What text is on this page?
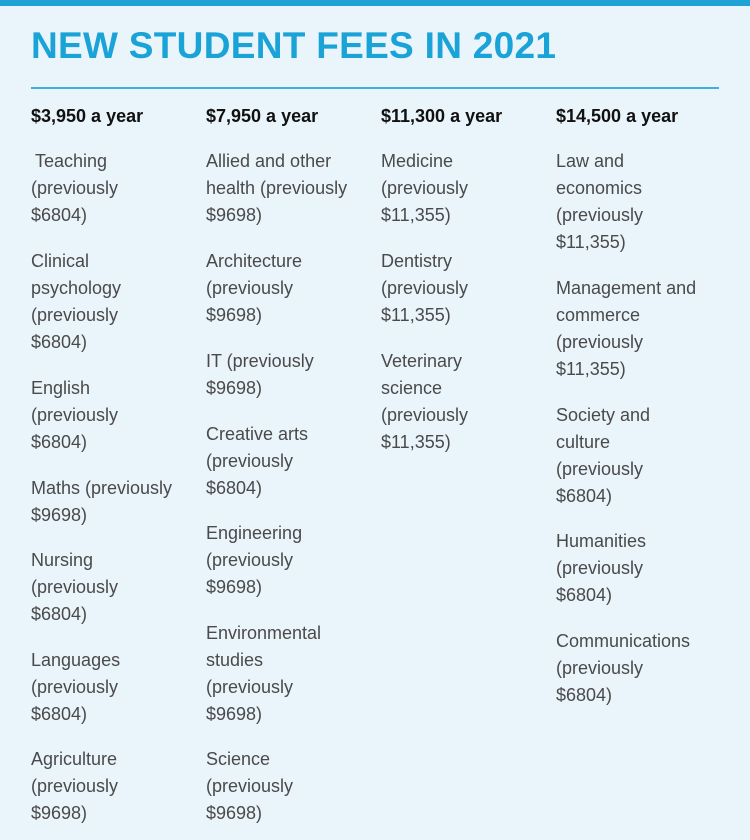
NEW STUDENT FEES IN 2021
$3,950 a year
Teaching
(previously
$6804)
Clinical
psychology
(previously
$6804)
English
(previously
$6804)
Maths (previously
$9698)
Nursing
(previously
$6804)
Languages
(previously
$6804)
Agriculture
(previously
$9698)
$7,950 a year
Allied and other
health (previously
$9698)
Architecture
(previously
$9698)
IT (previously
$9698)
Creative arts
(previously
$6804)
Engineering
(previously
$9698)
Environmental
studies
(previously
$9698)
Science
(previously
$9698)
$11,300 a year
Medicine
(previously
$11,355)
Dentistry
(previously
$11,355)
Veterinary
science
(previously
$11,355)
$14,500 a year
Law and
economics
(previously
$11,355)
Management and
commerce
(previously
$11,355)
Society and
culture
(previously
$6804)
Humanities
(previously
$6804)
Communications
(previously
$6804)
